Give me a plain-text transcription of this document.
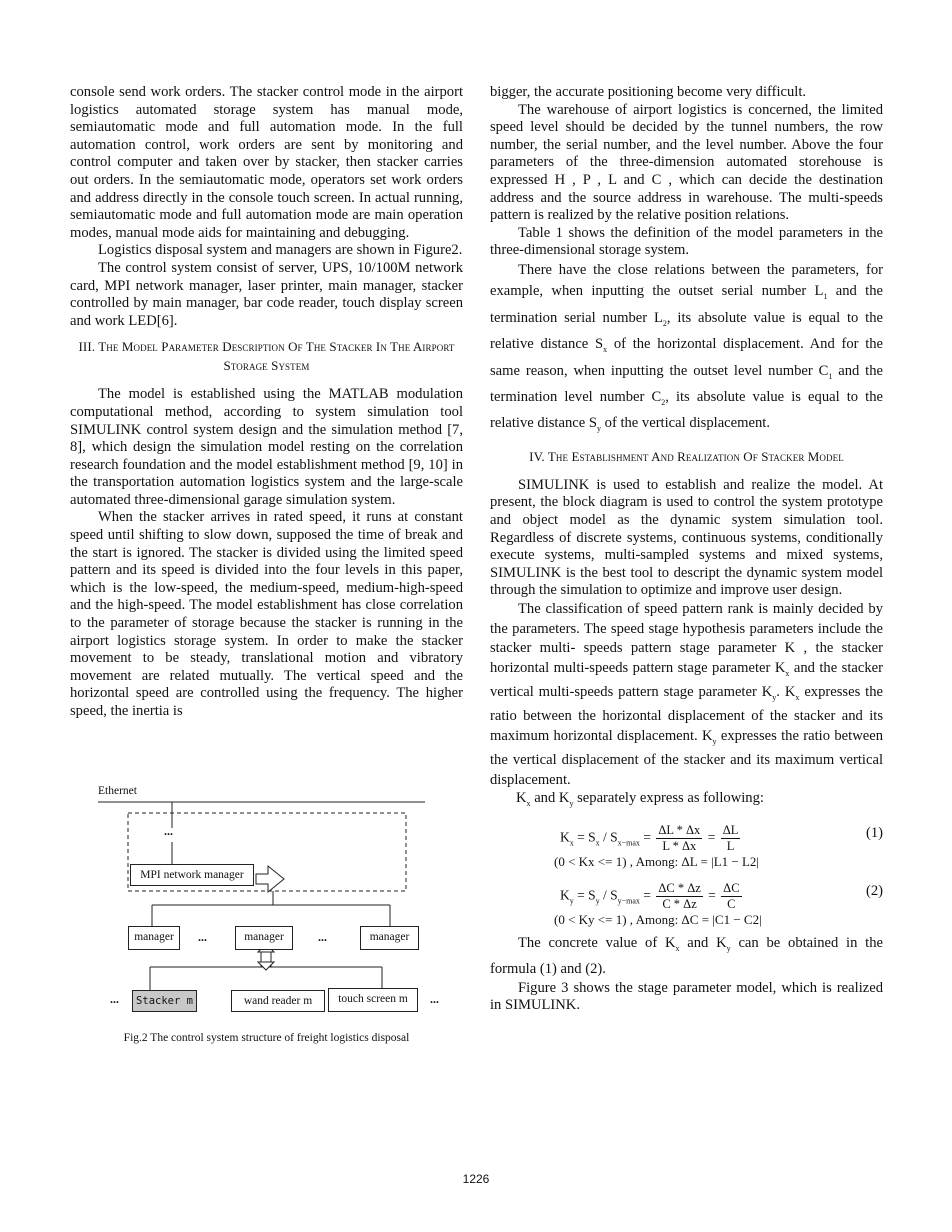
console send work orders. The stacker control mode in the airport logistics automated storage system has manual mode, semiautomatic mode and full automation mode. In the full automation control, work orders are sent by monitoring and control computer and taken over by stacker, then stacker carries out orders. In the semiautomatic mode, operators set work orders and address directly in the console touch screen. In actual running, semiautomatic mode and full automation mode are main operation modes, manual mode aids for maintaining and debugging.

Logistics disposal system and managers are shown in Figure2.

The control system consist of server, UPS, 10/100M network card, MPI network manager, laser printer, main manager, stacker controlled by main manager, bar code reader, touch display screen and work LED[6].

III. The Model Parameter Description Of The Stacker In The Airport Storage System

The model is established using the MATLAB modulation computational method, according to system simulation tool SIMULINK control system design and the simulation method [7, 8], which design the simulation model resting on the correlation research foundation and the model establishment method [9, 10] in the transportation automation logistics system and the large-scale automated three-dimensional garage simulation system.

When the stacker arrives in rated speed, it runs at constant speed until shifting to slow down, supposed the time of break and the start is ignored. The stacker is divided using the limited speed pattern and its speed is divided into the four levels in this paper, which is the low-speed, the medium-speed, medium-high-speed and the high-speed. The model establishment has close correlation to the parameter of storage because the stacker is running in the airport logistics storage system. In order to make the stacker movement to be steady, translational motion and vibratory movement are related mutually. The vertical speed and the horizontal speed are controlled using the frequency. The higher speed, the inertia is

Ethernet
...
MPI network manager
manager	...	manager	...	manager
...	Stacker m	wand reader m	touch screen m	...
Fig.2 The control system structure of freight logistics disposal

bigger, the accurate positioning become very difficult.

The warehouse of airport logistics is concerned, the limited speed level should be decided by the tunnel numbers, the row number, the serial number, and the level number. Above the four parameters of the three-dimension automated storehouse is expressed H , P , L and C , which can decide the destination address and the source address in warehouse. The multi-speeds pattern is realized by the relative position relations.

Table 1 shows the definition of the model parameters in the three-dimensional storage system.

There have the close relations between the parameters, for example, when inputting the outset serial number $L_1$ and the termination serial number $L_2$, its absolute value is equal to the relative distance $S_x$ of the horizontal displacement. And for the same reason, when inputting the outset level number $C_1$ and the termination level number $C_2$, its absolute value is equal to the relative distance $S_y$ of the vertical displacement.

IV. The Establishment And Realization Of Stacker Model

SIMULINK is used to establish and realize the model. At present, the block diagram is used to control the system prototype and object model as the dynamic system simulation tool. Regardless of discrete systems, continuous systems, conditionally execute systems, multi-sampled systems and mixed systems, SIMULINK is the best tool to descript the dynamic system model through the simulation to optimize and improve user design.

The classification of speed pattern rank is mainly decided by the parameters. The speed stage hypothesis parameters include the stacker multi- speeds pattern stage parameter K , the stacker horizontal multi-speeds pattern stage parameter $K_x$ and the stacker vertical multi-speeds pattern stage parameter $K_y$. $K_x$ expresses the ratio between the horizontal displacement of the stacker and its maximum horizontal displacement. $K_y$ expresses the ratio between the vertical displacement of the stacker and its maximum vertical displacement.

$K_x$ and $K_y$ separately express as following:

$K_x = S_x / S_{x-max} = \frac{\Delta L * \Delta x}{L * \Delta x} = \frac{\Delta L}{L}$	(1)
(0 < Kx <= 1) , Among: ΔL = |L1 − L2|
$K_y = S_y / S_{y-max} = \frac{\Delta C * \Delta z}{C * \Delta z} = \frac{\Delta C}{C}$	(2)
(0 < Ky <= 1) , Among: ΔC = |C1 − C2|

The concrete value of $K_x$ and $K_y$ can be obtained in the formula (1) and (2).

Figure 3 shows the stage parameter model, which is realized in SIMULINK.

1226
